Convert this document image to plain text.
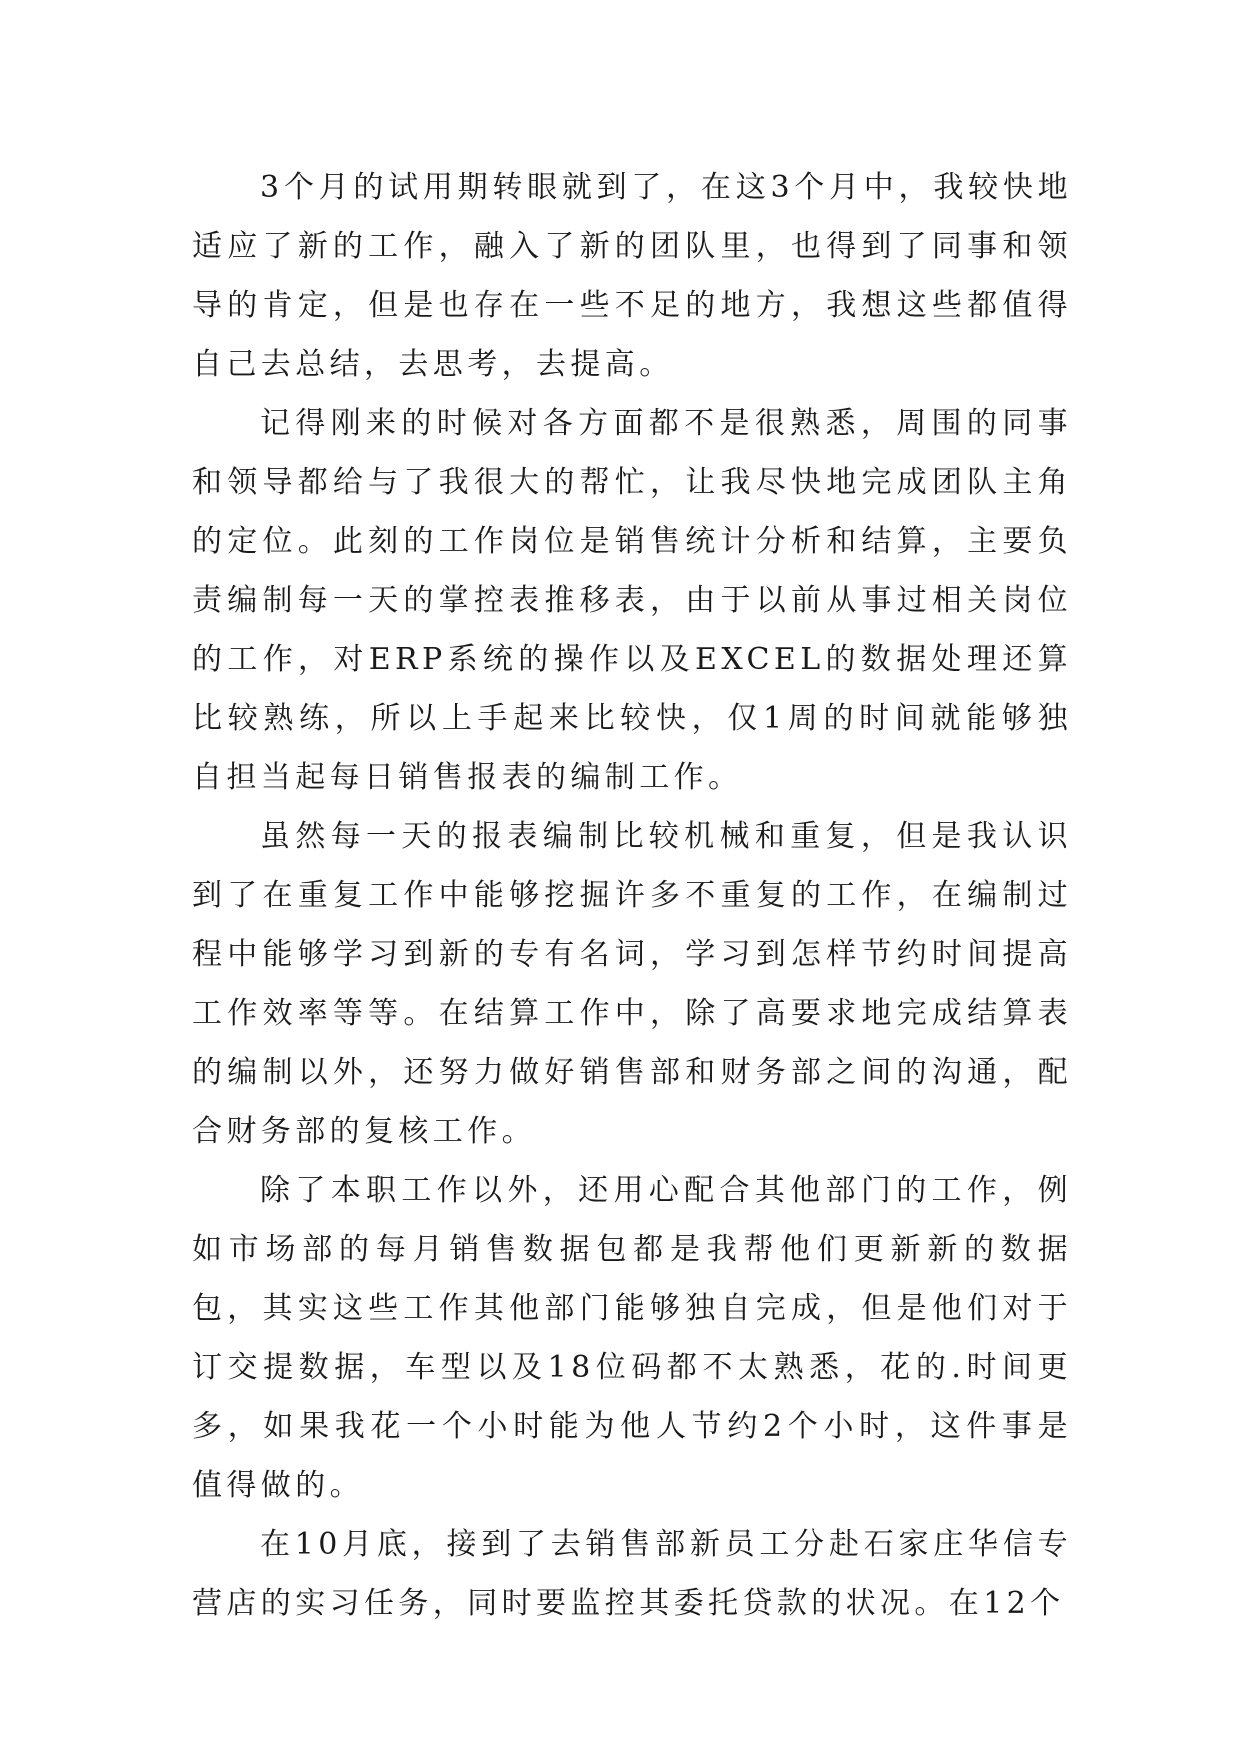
3个月的试用期转眼就到了，在这3个月中，我较快地适应了新的工作，融入了新的团队里，也得到了同事和领导的肯定，但是也存在一些不足的地方，我想这些都值得自己去总结，去思考，去提高。

记得刚来的时候对各方面都不是很熟悉，周围的同事和领导都给与了我很大的帮忙，让我尽快地完成团队主角的定位。此刻的工作岗位是销售统计分析和结算，主要负责编制每一天的掌控表推移表，由于以前从事过相关岗位的工作，对ERP系统的操作以及EXCEL的数据处理还算比较熟练，所以上手起来比较快，仅1周的时间就能够独自担当起每日销售报表的编制工作。

虽然每一天的报表编制比较机械和重复，但是我认识到了在重复工作中能够挖掘许多不重复的工作，在编制过程中能够学习到新的专有名词，学习到怎样节约时间提高工作效率等等。在结算工作中，除了高要求地完成结算表的编制以外，还努力做好销售部和财务部之间的沟通，配合财务部的复核工作。

除了本职工作以外，还用心配合其他部门的工作，例如市场部的每月销售数据包都是我帮他们更新新的数据包，其实这些工作其他部门能够独自完成，但是他们对于订交提数据，车型以及18位码都不太熟悉，花的.时间更多，如果我花一个小时能为他人节约2个小时，这件事是值得做的。

在10月底，接到了去销售部新员工分赴石家庄华信专营店的实习任务，同时要监控其委托贷款的状况。在12个
